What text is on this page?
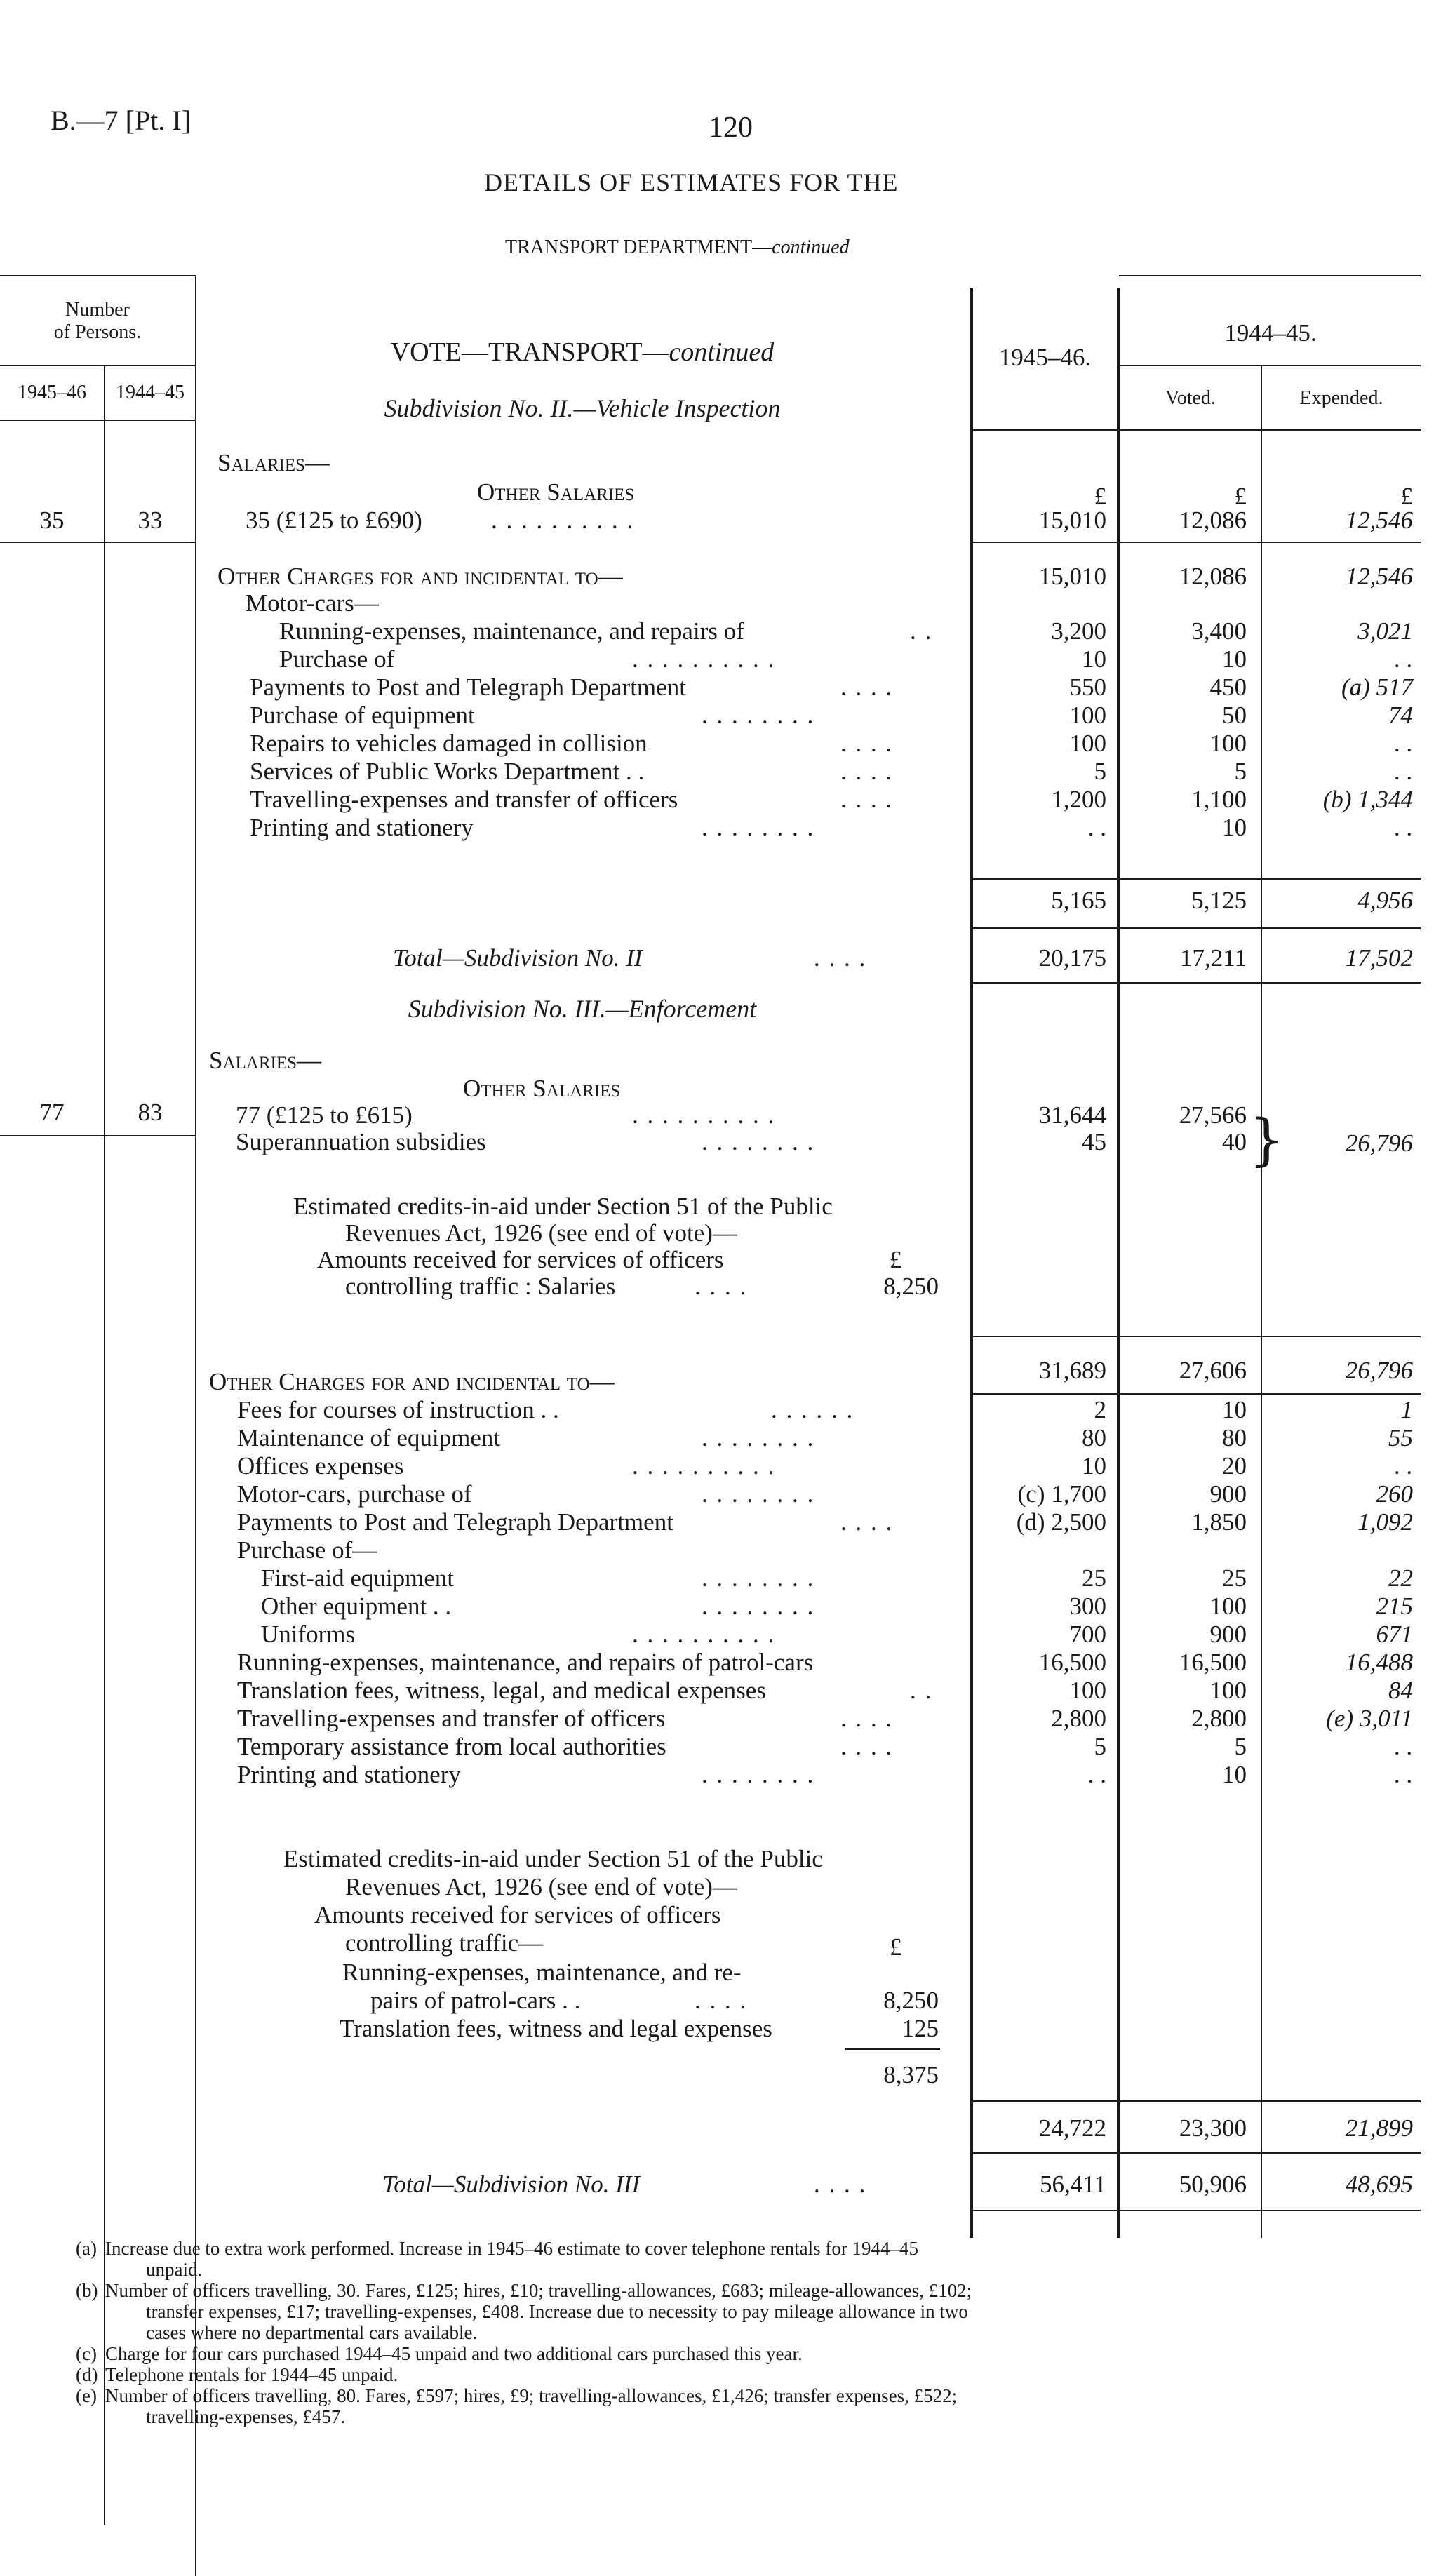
B.—7 [Pt. I]	120
DETAILS OF ESTIMATES FOR THE
TRANSPORT DEPARTMENT—continued
Number
of Persons.
1945–46	1944–45
VOTE—TRANSPORT—continued
Subdivision No. II.—Vehicle Inspection
1945–46.
1944–45.
Voted.	Expended.
Salaries—
Other Salaries	£	£	£
35	33	35 (£125 to £690)	. . . . . . . . . .	15,010	12,086	12,546
Other Charges for and incidental to—	15,010	12,086	12,546
Motor-cars—
Running-expenses, maintenance, and repairs of	. .	3,200	3,400	3,021
Purchase of	. . . . . . . . . .	10	10	. .
Payments to Post and Telegraph Department	. . . .	550	450	(a) 517
Purchase of equipment	. . . . . . . .	100	50	74
Repairs to vehicles damaged in collision	. . . .	100	100	. .
Services of Public Works Department . .	. . . .	5	5	. .
Travelling-expenses and transfer of officers	. . . .	1,200	1,100	(b) 1,344
Printing and stationery	. . . . . . . .	. .	10	. .
5,165	5,125	4,956
Total—Subdivision No. II	. . . .	20,175	17,211	17,502
Subdivision No. III.—Enforcement
Salaries—
Other Salaries
77	83	77 (£125 to £615)	. . . . . . . . . .	31,644	27,566
Superannuation subsidies	. . . . . . . .	45	40 }	26,796
Estimated credits-in-aid under Section 51 of the Public
Revenues Act, 1926 (see end of vote)—
Amounts received for services of officers	£
controlling traffic : Salaries	. . . .	8,250
31,689	27,606	26,796
Other Charges for and incidental to—
Fees for courses of instruction . .	. . . . . .	2	10	1
Maintenance of equipment	. . . . . . . .	80	80	55
Offices expenses	. . . . . . . . . .	10	20	. .
Motor-cars, purchase of	. . . . . . . .	(c) 1,700	900	260
Payments to Post and Telegraph Department	. . . .	(d) 2,500	1,850	1,092
Purchase of—
First-aid equipment	. . . . . . . .	25	25	22
Other equipment . .	. . . . . . . .	300	100	215
Uniforms	. . . . . . . . . .	700	900	671
Running-expenses, maintenance, and repairs of patrol-cars	16,500	16,500	16,488
Translation fees, witness, legal, and medical expenses	. .	100	100	84
Travelling-expenses and transfer of officers	. . . .	2,800	2,800	(e) 3,011
Temporary assistance from local authorities	. . . .	5	5	. .
Printing and stationery	. . . . . . . .	. .	10	. .
Estimated credits-in-aid under Section 51 of the Public
Revenues Act, 1926 (see end of vote)—
Amounts received for services of officers
controlling traffic—	£
Running-expenses, maintenance, and re-
pairs of patrol-cars . .	. . . .	8,250
Translation fees, witness and legal expenses	125
8,375
24,722	23,300	21,899
Total—Subdivision No. III	. . . .	56,411	50,906	48,695
(a) Increase due to extra work performed. Increase in 1945–46 estimate to cover telephone rentals for 1944–45
unpaid.
(b) Number of officers travelling, 30. Fares, £125; hires, £10; travelling-allowances, £683; mileage-allowances, £102;
transfer expenses, £17; travelling-expenses, £408. Increase due to necessity to pay mileage allowance in two
cases where no departmental cars available.
(c) Charge for four cars purchased 1944–45 unpaid and two additional cars purchased this year.
(d) Telephone rentals for 1944–45 unpaid.
(e) Number of officers travelling, 80. Fares, £597; hires, £9; travelling-allowances, £1,426; transfer expenses, £522;
travelling-expenses, £457.
